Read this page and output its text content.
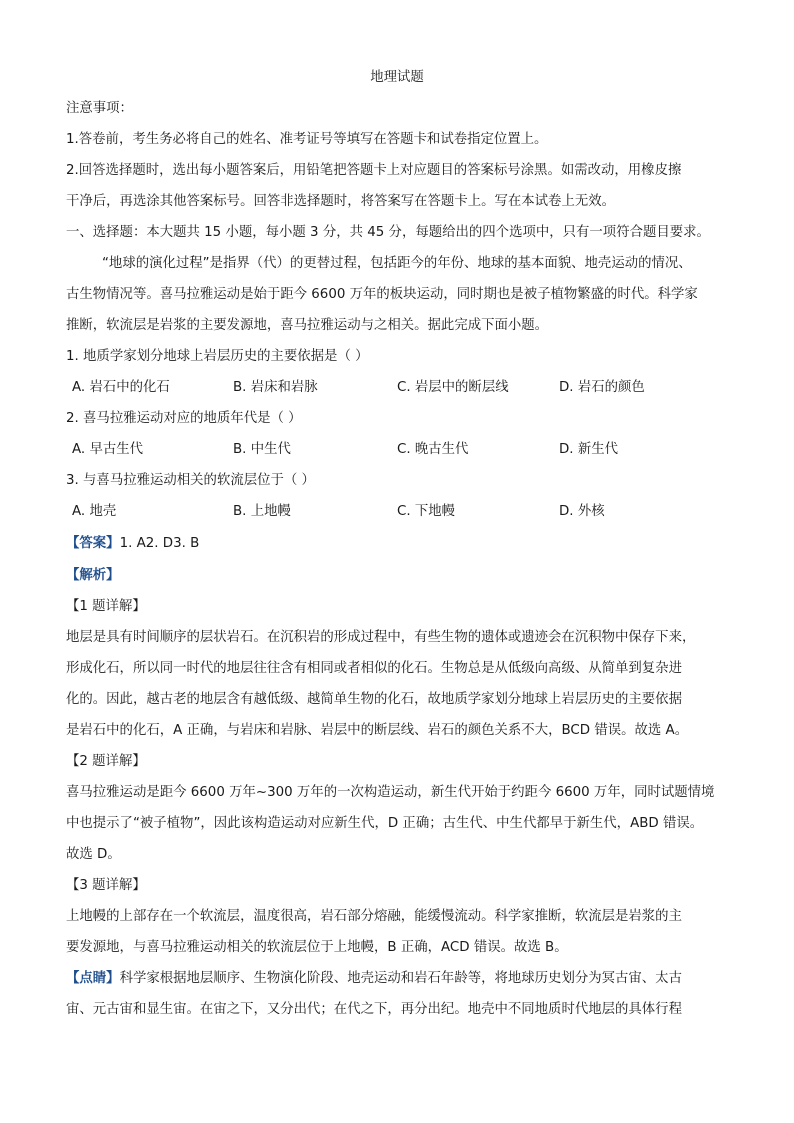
地理试题
注意事项：
1.答卷前，考生务必将自己的姓名、准考证号等填写在答题卡和试卷指定位置上。
2.回答选择题时，选出每小题答案后，用铅笔把答题卡上对应题目的答案标号涂黑。如需改动，用橡皮擦
干净后，再选涂其他答案标号。回答非选择题时，将答案写在答题卡上。写在本试卷上无效。
一、选择题：本大题共 15 小题，每小题 3 分，共 45 分，每题给出的四个选项中，只有一项符合题目要求。
“地球的演化过程”是指界（代）的更替过程，包括距今的年份、地球的基本面貌、地壳运动的情况、
古生物情况等。喜马拉雅运动是始于距今 6600 万年的板块运动，同时期也是被子植物繁盛的时代。科学家
推断，软流层是岩浆的主要发源地，喜马拉雅运动与之相关。据此完成下面小题。
1. 地质学家划分地球上岩层历史的主要依据是（ ）
A. 岩石中的化石	B. 岩床和岩脉	C. 岩层中的断层线	D. 岩石的颜色
2. 喜马拉雅运动对应的地质年代是（ ）
A. 早古生代	B. 中生代	C. 晚古生代	D. 新生代
3. 与喜马拉雅运动相关的软流层位于（ ）
A. 地壳	B. 上地幔	C. 下地幔	D. 外核
【答案】1. A2. D3. B
【解析】
【1 题详解】
地层是具有时间顺序的层状岩石。在沉积岩的形成过程中，有些生物的遗体或遗迹会在沉积物中保存下来，
形成化石，所以同一时代的地层往往含有相同或者相似的化石。生物总是从低级向高级、从简单到复杂进
化的。因此，越古老的地层含有越低级、越简单生物的化石，故地质学家划分地球上岩层历史的主要依据
是岩石中的化石，A 正确，与岩床和岩脉、岩层中的断层线、岩石的颜色关系不大，BCD 错误。故选 A。
【2 题详解】
喜马拉雅运动是距今 6600 万年~300 万年的一次构造运动，新生代开始于约距今 6600 万年，同时试题情境
中也提示了“被子植物”，因此该构造运动对应新生代，D 正确；古生代、中生代都早于新生代，ABD 错误。
故选 D。
【3 题详解】
上地幔的上部存在一个软流层，温度很高，岩石部分熔融，能缓慢流动。科学家推断，软流层是岩浆的主
要发源地，与喜马拉雅运动相关的软流层位于上地幔，B 正确，ACD 错误。故选 B。
【点睛】科学家根据地层顺序、生物演化阶段、地壳运动和岩石年龄等，将地球历史划分为冥古宙、太古
宙、元古宙和显生宙。在宙之下，又分出代；在代之下，再分出纪。地壳中不同地质时代地层的具体行程
